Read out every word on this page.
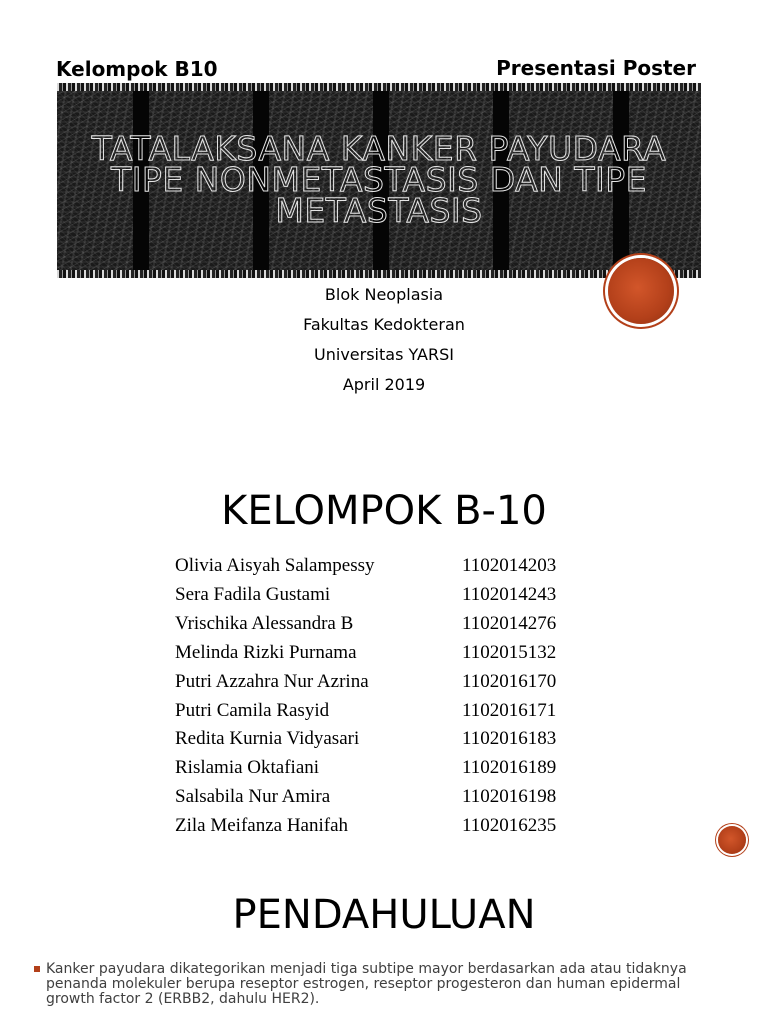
Kelompok B10	Presentasi Poster
TATALAKSANA KANKER PAYUDARA TIPE NONMETASTASIS DAN TIPE METASTASIS
Blok Neoplasia
Fakultas Kedokteran
Universitas YARSI
April 2019
KELOMPOK B-10
Olivia Aisyah Salampessy	1102014203
Sera Fadila Gustami	1102014243
Vrischika Alessandra B	1102014276
Melinda Rizki Purnama	1102015132
Putri Azzahra Nur Azrina	1102016170
Putri Camila Rasyid	1102016171
Redita Kurnia Vidyasari	1102016183
Rislamia Oktafiani	1102016189
Salsabila Nur Amira	1102016198
Zila Meifanza Hanifah	1102016235
PENDAHULUAN
Kanker payudara dikategorikan menjadi tiga subtipe mayor berdasarkan ada atau tidaknya penanda molekuler berupa reseptor estrogen, reseptor progesteron dan human epidermal growth factor 2 (ERBB2, dahulu HER2).
